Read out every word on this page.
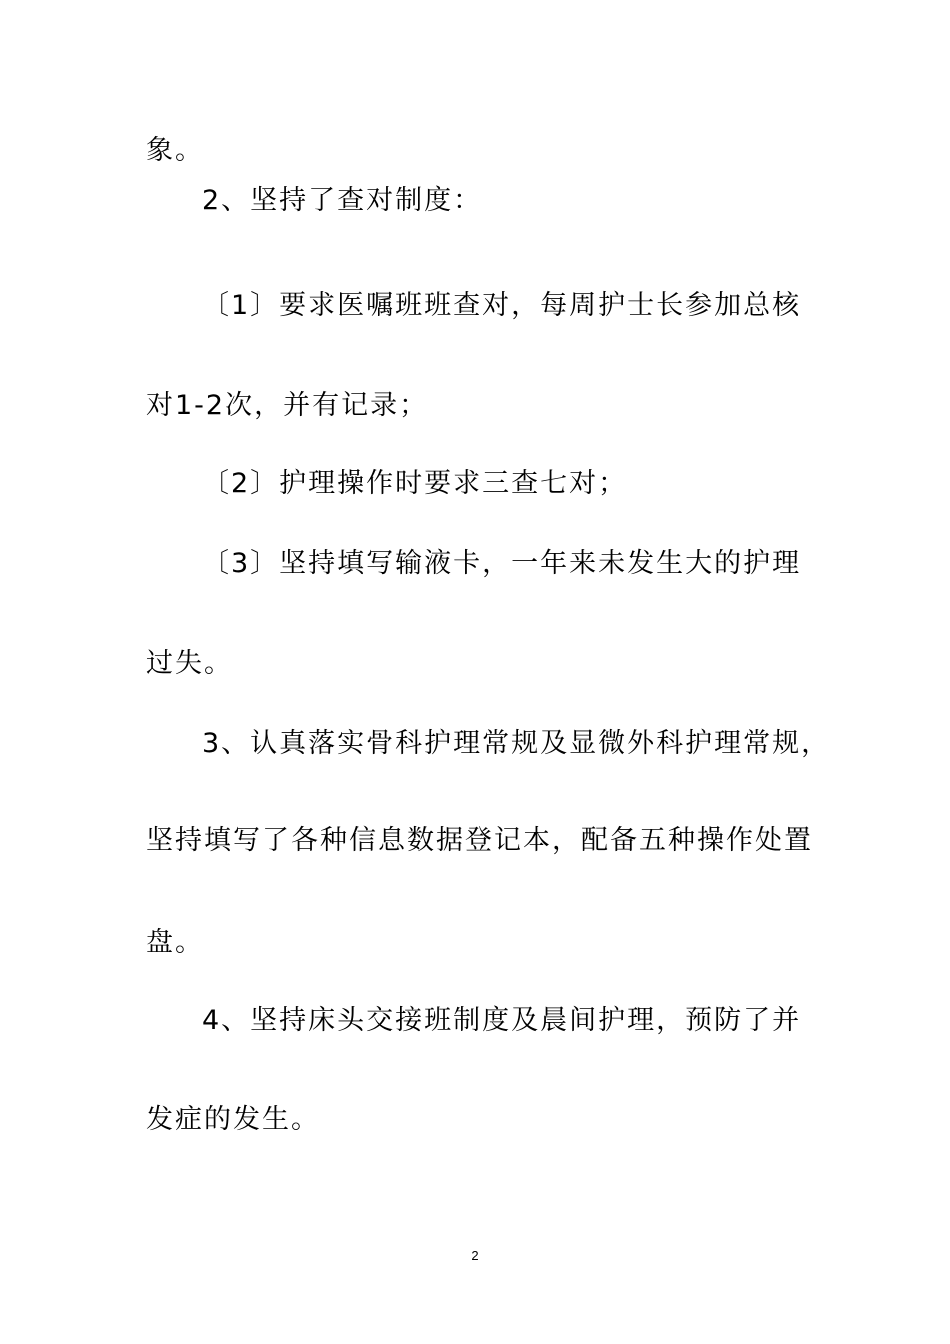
象。
2、坚持了查对制度：
〔1〕要求医嘱班班查对，每周护士长参加总核
对1-2次，并有记录；
〔2〕护理操作时要求三查七对；
〔3〕坚持填写输液卡，一年来未发生大的护理
过失。
3、认真落实骨科护理常规及显微外科护理常规，
坚持填写了各种信息数据登记本，配备五种操作处置
盘。
4、坚持床头交接班制度及晨间护理，预防了并
发症的发生。
2
